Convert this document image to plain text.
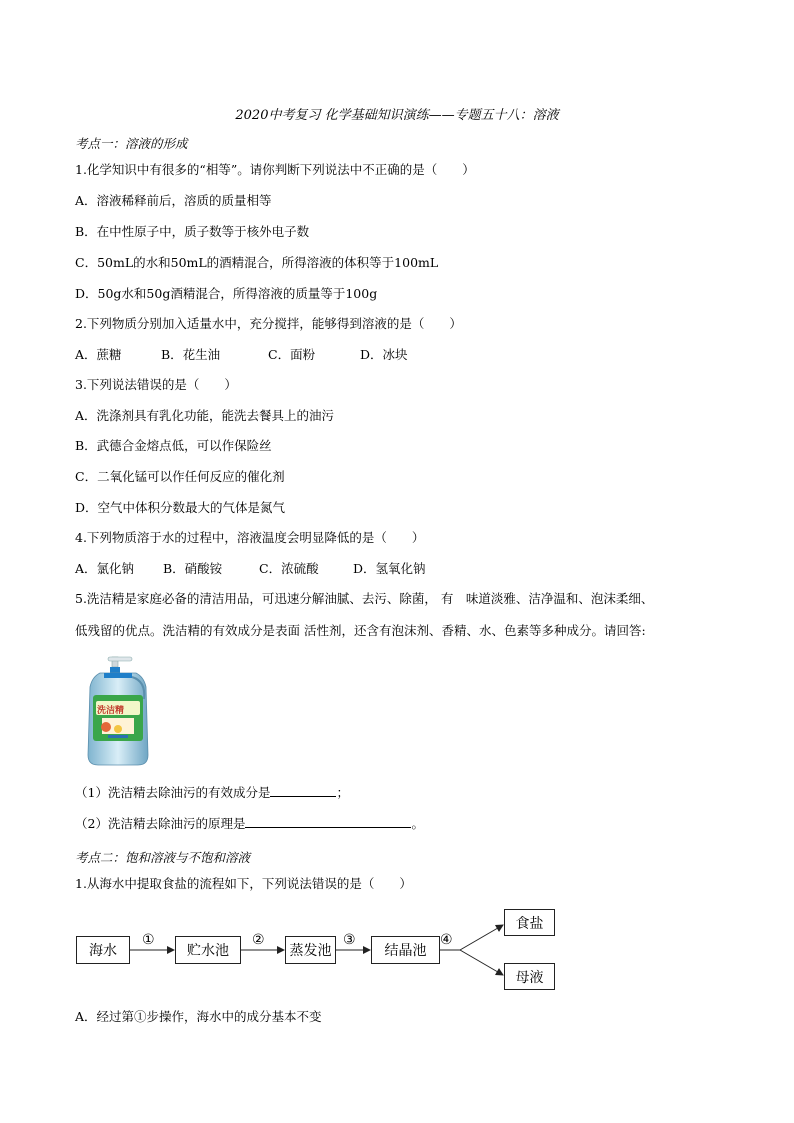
2020中考复习 化学基础知识演练——专题五十八：溶液
考点一：溶液的形成
1.化学知识中有很多的“相等”。请你判断下列说法中不正确的是（　　）
A．溶液稀释前后，溶质的质量相等
B．在中性原子中，质子数等于核外电子数
C．50mL的水和50mL的酒精混合，所得溶液的体积等于100mL
D．50g水和50g酒精混合，所得溶液的质量等于100g
2.下列物质分别加入适量水中，充分搅拌，能够得到溶液的是（　　）
A．蔗糖	B．花生油	C．面粉	D．冰块
3.下列说法错误的是（　　）
A．洗涤剂具有乳化功能，能洗去餐具上的油污
B．武德合金熔点低，可以作保险丝
C．二氧化锰可以作任何反应的催化剂
D．空气中体积分数最大的气体是氮气
4.下列物质溶于水的过程中，溶液温度会明显降低的是（　　）
A．氯化钠 B．硝酸铵	C．浓硫酸	D．氢氧化钠
5.洗洁精是家庭必备的清洁用品，可迅速分解油腻、去污、除菌， 有　味道淡雅、洁净温和、泡沫柔细、
低残留的优点。洗洁精的有效成分是表面 活性剂，还含有泡沫剂、香精、水、色素等多种成分。请回答:
洗洁精
（1）洗洁精去除油污的有效成分是	；
（2）洗洁精去除油污的原理是	。
考点二：饱和溶液与不饱和溶液
1.从海水中提取食盐的流程如下，下列说法错误的是（　　）
海水	贮水池	蒸发池	结晶池
食盐
母液
①	②	③	④
A．经过第①步操作，海水中的成分基本不变
